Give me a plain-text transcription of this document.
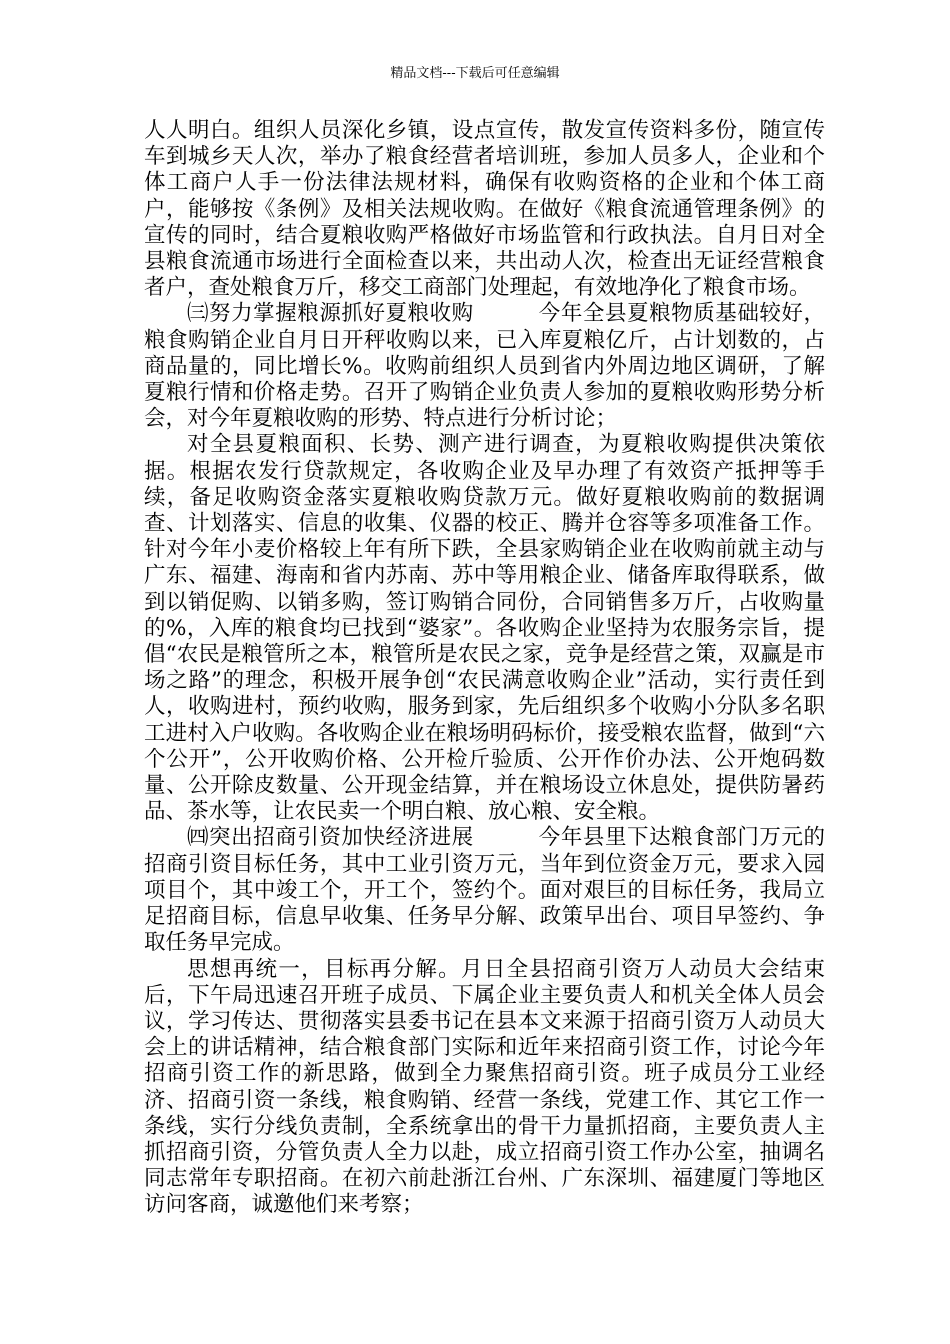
精品文档---下载后可任意编辑

人人明白。组织人员深化乡镇，设点宣传，散发宣传资料多份，随宣传车到城乡天人次，举办了粮食经营者培训班，参加人员多人，企业和个体工商户人手一份法律法规材料，确保有收购资格的企业和个体工商户，能够按《条例》及相关法规收购。在做好《粮食流通管理条例》的宣传的同时，结合夏粮收购严格做好市场监管和行政执法。自月日对全县粮食流通市场进行全面检查以来，共出动人次，检查出无证经营粮食者户，查处粮食万斤，移交工商部门处理起，有效地净化了粮食市场。

㈢努力掌握粮源抓好夏粮收购	今年全县夏粮物质基础较好，粮食购销企业自月日开秤收购以来，已入库夏粮亿斤，占计划数的，占商品量的，同比增长%。收购前组织人员到省内外周边地区调研，了解夏粮行情和价格走势。召开了购销企业负责人参加的夏粮收购形势分析会，对今年夏粮收购的形势、特点进行分析讨论；

对全县夏粮面积、长势、测产进行调查，为夏粮收购提供决策依据。根据农发行贷款规定，各收购企业及早办理了有效资产抵押等手续，备足收购资金落实夏粮收购贷款万元。做好夏粮收购前的数据调查、计划落实、信息的收集、仪器的校正、腾并仓容等多项准备工作。针对今年小麦价格较上年有所下跌，全县家购销企业在收购前就主动与广东、福建、海南和省内苏南、苏中等用粮企业、储备库取得联系，做到以销促购、以销多购，签订购销合同份，合同销售多万斤，占收购量的%，入库的粮食均已找到“婆家”。各收购企业坚持为农服务宗旨，提倡“农民是粮管所之本，粮管所是农民之家，竞争是经营之策，双赢是市场之路”的理念，积极开展争创“农民满意收购企业”活动，实行责任到人，收购进村，预约收购，服务到家，先后组织多个收购小分队多名职工进村入户收购。各收购企业在粮场明码标价，接受粮农监督，做到“六个公开”，公开收购价格、公开检斤验质、公开作价办法、公开炮码数量、公开除皮数量、公开现金结算，并在粮场设立休息处，提供防暑药品、茶水等，让农民卖一个明白粮、放心粮、安全粮。

㈣突出招商引资加快经济进展	今年县里下达粮食部门万元的招商引资目标任务，其中工业引资万元，当年到位资金万元，要求入园项目个，其中竣工个，开工个，签约个。面对艰巨的目标任务，我局立足招商目标，信息早收集、任务早分解、政策早出台、项目早签约、争取任务早完成。

思想再统一，目标再分解。月日全县招商引资万人动员大会结束后，下午局迅速召开班子成员、下属企业主要负责人和机关全体人员会议，学习传达、贯彻落实县委书记在县本文来源于招商引资万人动员大会上的讲话精神，结合粮食部门实际和近年来招商引资工作，讨论今年招商引资工作的新思路，做到全力聚焦招商引资。班子成员分工业经济、招商引资一条线，粮食购销、经营一条线，党建工作、其它工作一条线，实行分线负责制，全系统拿出的骨干力量抓招商，主要负责人主抓招商引资，分管负责人全力以赴，成立招商引资工作办公室，抽调名同志常年专职招商。在初六前赴浙江台州、广东深圳、福建厦门等地区访问客商，诚邀他们来考察；
